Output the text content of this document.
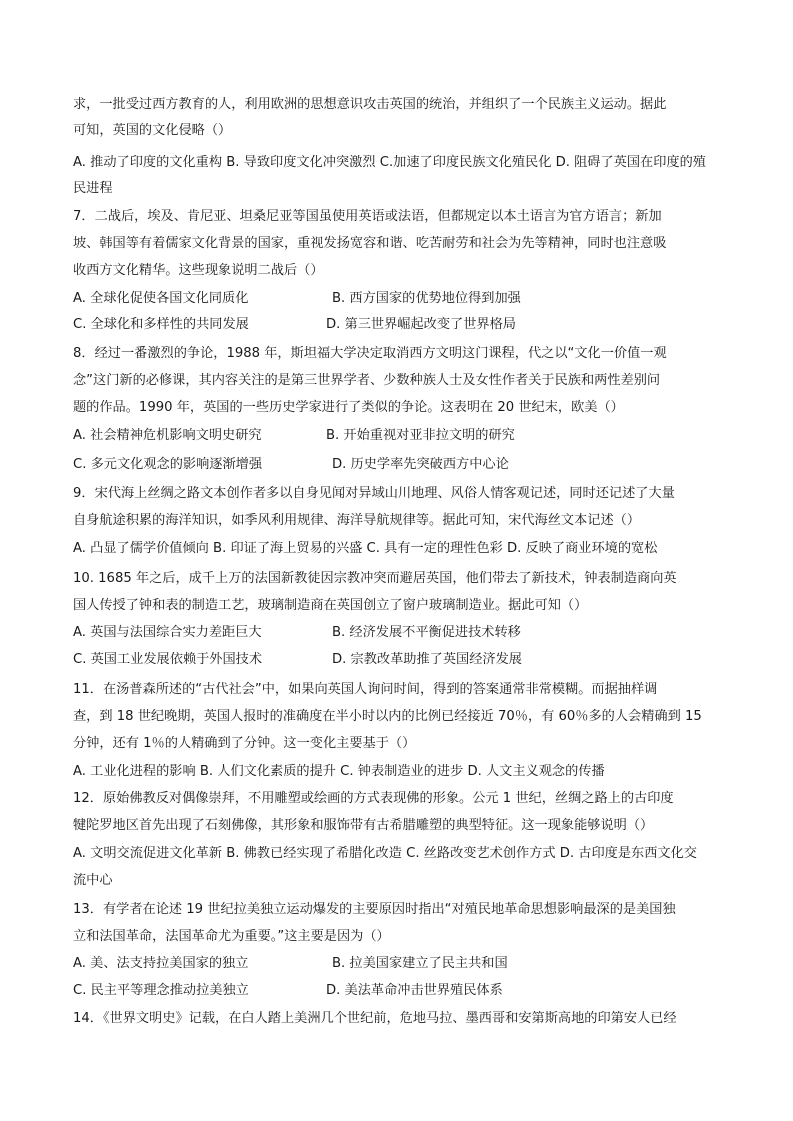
求，一批受过西方教育的人，利用欧洲的思想意识攻击英国的统治，并组织了一个民族主义运动。据此
可知，英国的文化侵略（）
A. 推动了印度的文化重构 B. 导致印度文化冲突激烈 C.加速了印度民族文化殖民化 D. 阻碍了英国在印度的殖
民进程
7．二战后，埃及、肯尼亚、坦桑尼亚等国虽使用英语或法语，但都规定以本土语言为官方语言；新加
坡、韩国等有着儒家文化背景的国家，重视发扬宽容和谐、吃苦耐劳和社会为先等精神，同时也注意吸
收西方文化精华。这些现象说明二战后（）
A. 全球化促使各国文化同质化	B. 西方国家的优势地位得到加强
C. 全球化和多样性的共同发展	D. 第三世界崛起改变了世界格局
8．经过一番激烈的争论，1988 年，斯坦福大学决定取消西方文明这门课程，代之以“文化一价值一观
念”这门新的必修课，其内容关注的是第三世界学者、少数种族人士及女性作者关于民族和两性差别问
题的作品。1990 年，英国的一些历史学家进行了类似的争论。这表明在 20 世纪末，欧美（）
A. 社会精神危机影响文明史研究	B. 开始重视对亚非拉文明的研究
C. 多元文化观念的影响逐渐增强	D. 历史学率先突破西方中心论
9．宋代海上丝绸之路文本创作者多以自身见闻对异域山川地理、风俗人情客观记述，同时还记述了大量
自身航途积累的海洋知识，如季风利用规律、海洋导航规律等。据此可知，宋代海丝文本记述（）
A. 凸显了儒学价值倾向 B. 印证了海上贸易的兴盛 C. 具有一定的理性色彩 D. 反映了商业环境的宽松
10. 1685 年之后，成千上万的法国新教徒因宗教冲突而避居英国，他们带去了新技术，钟表制造商向英
国人传授了钟和表的制造工艺，玻璃制造商在英国创立了窗户玻璃制造业。据此可知（）
A. 英国与法国综合实力差距巨大	B. 经济发展不平衡促进技术转移
C. 英国工业发展依赖于外国技术	D. 宗教改革助推了英国经济发展
11．在汤普森所述的“古代社会”中，如果向英国人询问时间，得到的答案通常非常模糊。而据抽样调
查，到 18 世纪晚期，英国人报时的准确度在半小时以内的比例已经接近 70％，有 60％多的人会精确到 15
分钟，还有 1％的人精确到了分钟。这一变化主要基于（）
A. 工业化进程的影响 B. 人们文化素质的提升 C. 钟表制造业的进步 D. 人文主义观念的传播
12．原始佛教反对偶像崇拜，不用雕塑或绘画的方式表现佛的形象。公元 1 世纪，丝绸之路上的古印度
犍陀罗地区首先出现了石刻佛像，其形象和服饰带有古希腊雕塑的典型特征。这一现象能够说明（）
A. 文明交流促进文化革新 B. 佛教已经实现了希腊化改造 C. 丝路改变艺术创作方式 D. 古印度是东西文化交
流中心
13．有学者在论述 19 世纪拉美独立运动爆发的主要原因时指出“对殖民地革命思想影响最深的是美国独
立和法国革命，法国革命尤为重要。”这主要是因为（）
A. 美、法支持拉美国家的独立	B. 拉美国家建立了民主共和国
C. 民主平等理念推动拉美独立	D. 美法革命冲击世界殖民体系
14．《世界文明史》记载，在白人踏上美洲几个世纪前，危地马拉、墨西哥和安第斯高地的印第安人已经
